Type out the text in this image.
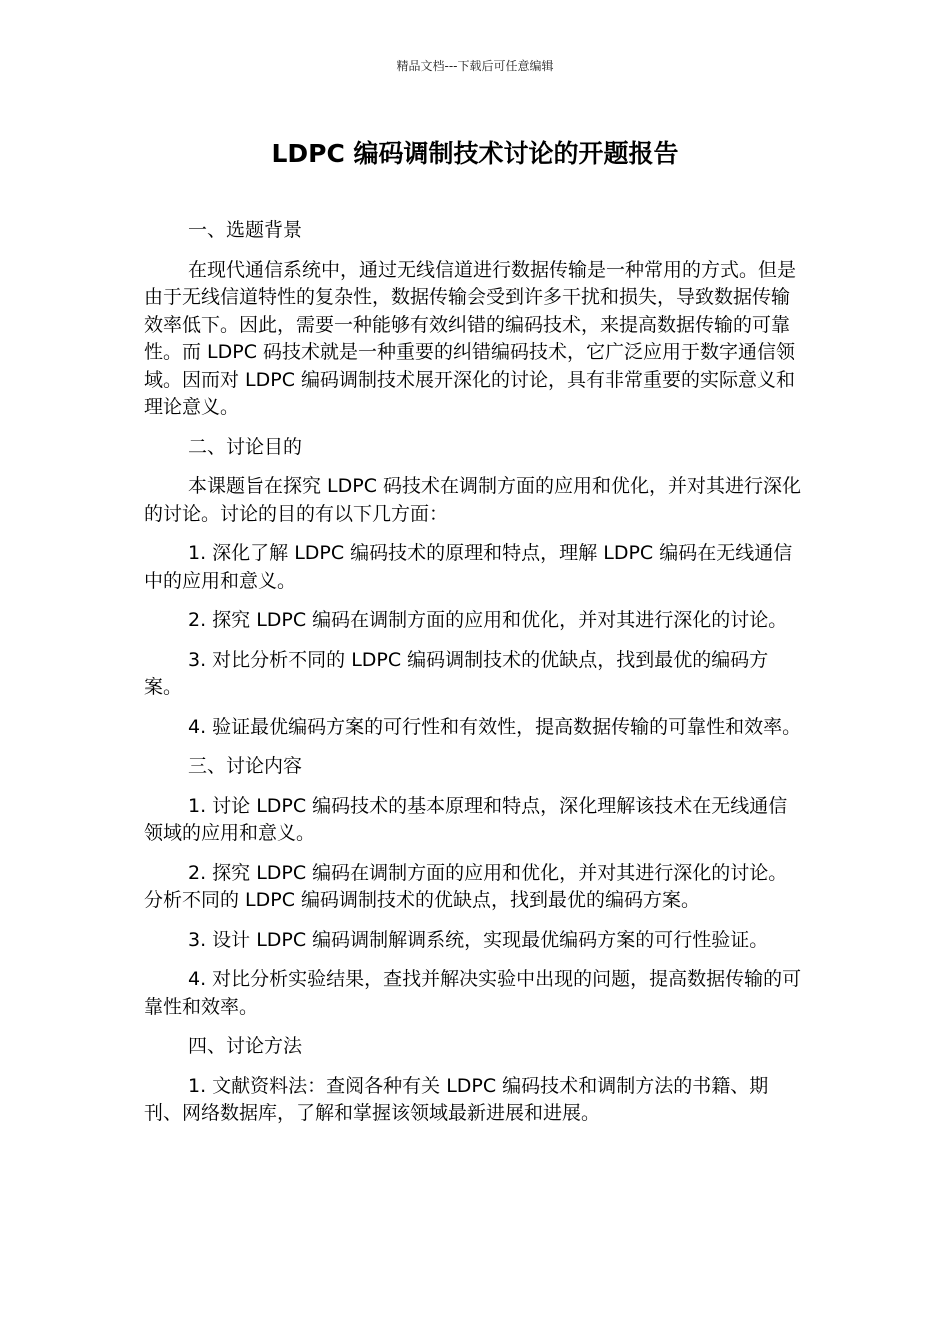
精品文档---下载后可任意编辑
LDPC 编码调制技术讨论的开题报告

一、选题背景

在现代通信系统中，通过无线信道进行数据传输是一种常用的方式。但是由于无线信道特性的复杂性，数据传输会受到许多干扰和损失，导致数据传输效率低下。因此，需要一种能够有效纠错的编码技术，来提高数据传输的可靠性。而 LDPC 码技术就是一种重要的纠错编码技术，它广泛应用于数字通信领域。因而对 LDPC 编码调制技术展开深化的讨论，具有非常重要的实际意义和理论意义。

二、讨论目的

本课题旨在探究 LDPC 码技术在调制方面的应用和优化，并对其进行深化的讨论。讨论的目的有以下几方面：

1. 深化了解 LDPC 编码技术的原理和特点，理解 LDPC 编码在无线通信中的应用和意义。

2. 探究 LDPC 编码在调制方面的应用和优化，并对其进行深化的讨论。

3. 对比分析不同的 LDPC 编码调制技术的优缺点，找到最优的编码方案。

4. 验证最优编码方案的可行性和有效性，提高数据传输的可靠性和效率。

三、讨论内容

1. 讨论 LDPC 编码技术的基本原理和特点，深化理解该技术在无线通信领域的应用和意义。

2. 探究 LDPC 编码在调制方面的应用和优化，并对其进行深化的讨论。分析不同的 LDPC 编码调制技术的优缺点，找到最优的编码方案。

3. 设计 LDPC 编码调制解调系统，实现最优编码方案的可行性验证。

4. 对比分析实验结果，查找并解决实验中出现的问题，提高数据传输的可靠性和效率。

四、讨论方法

1. 文献资料法：查阅各种有关 LDPC 编码技术和调制方法的书籍、期刊、网络数据库，了解和掌握该领域最新进展和进展。
